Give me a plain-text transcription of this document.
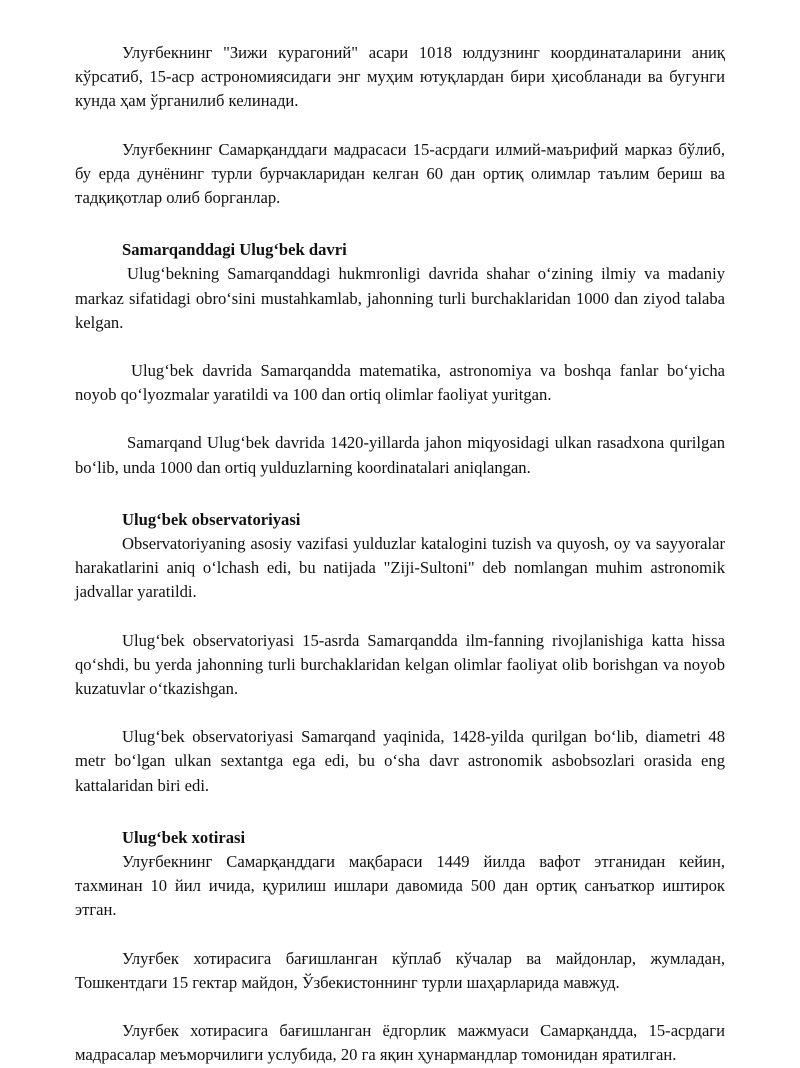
Улуғбекнинг "Зижи курагоний" асари 1018 юлдузнинг координаталарини аниқ кўрсатиб, 15-аср астрономиясидаги энг муҳим ютуқлардан бири ҳисобланади ва бугунги кунда ҳам ўрганилиб келинади.

Улуғбекнинг Самарқанддаги мадрасаси 15-асрдаги илмий-маърифий марказ бўлиб, бу ерда дунёнинг турли бурчакларидан келган 60 дан ортиқ олимлар таълим бериш ва тадқиқотлар олиб борганлар.

Samarqanddagi Ulug‘bek davri

Ulug‘bekning Samarqanddagi hukmronligi davrida shahar o‘zining ilmiy va madaniy markaz sifatidagi obro‘sini mustahkamlab, jahonning turli burchaklaridan 1000 dan ziyod talaba kelgan.

Ulug‘bek davrida Samarqandda matematika, astronomiya va boshqa fanlar bo‘yicha noyob qo‘lyozmalar yaratildi va 100 dan ortiq olimlar faoliyat yuritgan.

Samarqand Ulug‘bek davrida 1420-yillarda jahon miqyosidagi ulkan rasadxona qurilgan bo‘lib, unda 1000 dan ortiq yulduzlarning koordinatalari aniqlangan.

Ulug‘bek observatoriyasi

Observatoriyaning asosiy vazifasi yulduzlar katalogini tuzish va quyosh, oy va sayyoralar harakatlarini aniq o‘lchash edi, bu natijada "Ziji-Sultoni" deb nomlangan muhim astronomik jadvallar yaratildi.

Ulug‘bek observatoriyasi 15-asrda Samarqandda ilm-fanning rivojlanishiga katta hissa qo‘shdi, bu yerda jahonning turli burchaklaridan kelgan olimlar faoliyat olib borishgan va noyob kuzatuvlar o‘tkazishgan.

Ulug‘bek observatoriyasi Samarqand yaqinida, 1428-yilda qurilgan bo‘lib, diametri 48 metr bo‘lgan ulkan sextantga ega edi, bu o‘sha davr astronomik asbobsozlari orasida eng kattalaridan biri edi.

Ulug‘bek xotirasi

Улуғбекнинг Самарқанддаги мақбараси 1449 йилда вафот этганидан кейин, тахминан 10 йил ичида, қурилиш ишлари давомида 500 дан ортиқ санъаткор иштирок этган.

Улуғбек хотирасига бағишланган кўплаб кўчалар ва майдонлар, жумладан, Тошкентдаги 15 гектар майдон, Ўзбекистоннинг турли шаҳарларида мавжуд.

Улуғбек хотирасига бағишланган ёдгорлик мажмуаси Самарқандда, 15-асрдаги мадрасалар меъморчилиги услубида, 20 га яқин ҳунармандлар томонидан яратилган.
